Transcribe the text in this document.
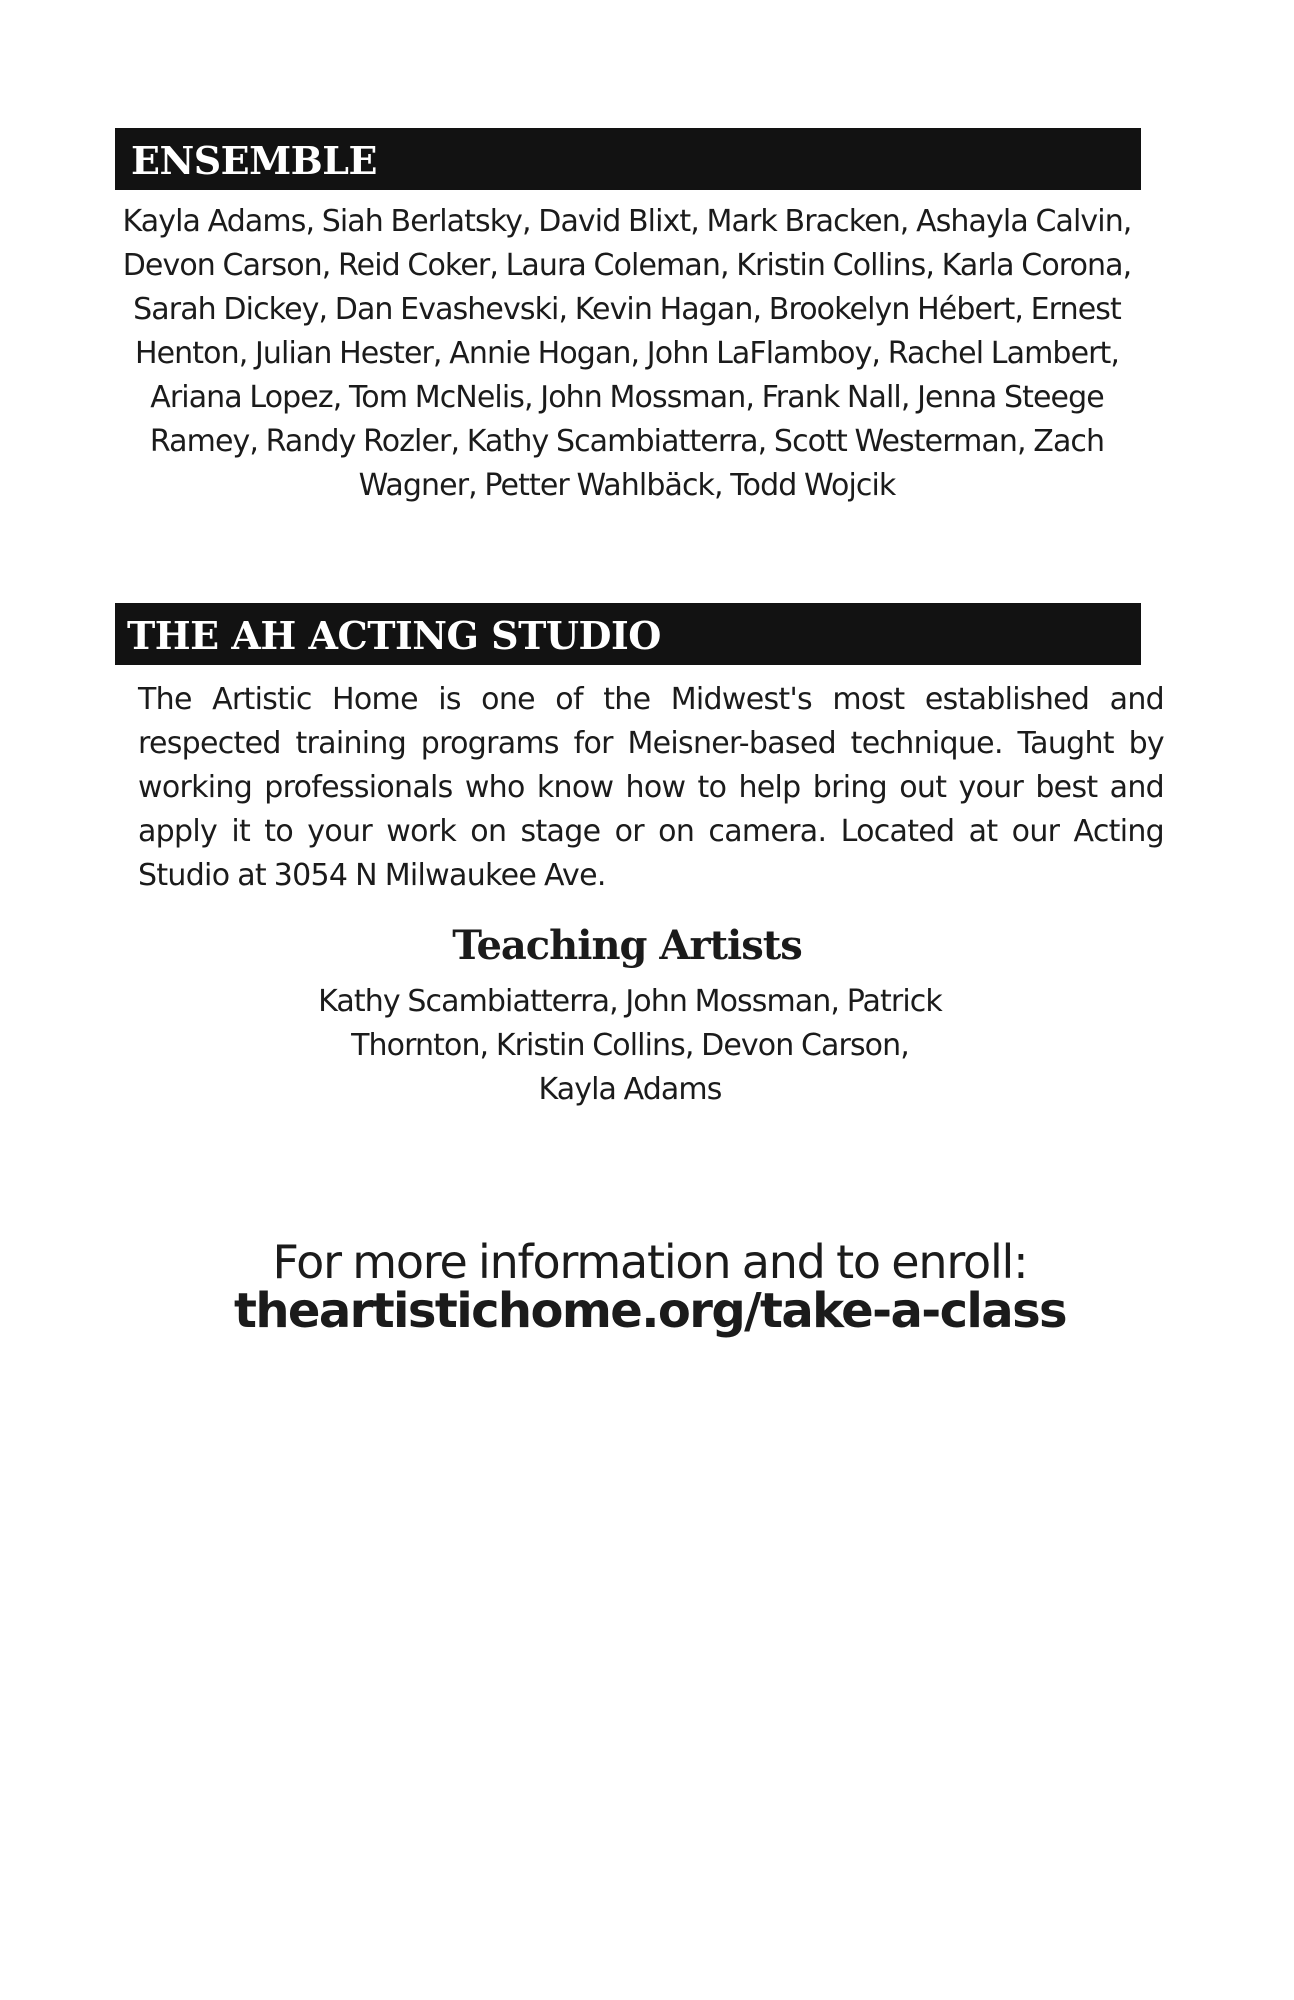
ENSEMBLE
Kayla Adams, Siah Berlatsky, David Blixt, Mark Bracken, Ashayla Calvin, Devon Carson, Reid Coker, Laura Coleman, Kristin Collins, Karla Corona, Sarah Dickey, Dan Evashevski, Kevin Hagan, Brookelyn Hébert, Ernest Henton, Julian Hester, Annie Hogan, John LaFlamboy, Rachel Lambert, Ariana Lopez, Tom McNelis, John Mossman, Frank Nall, Jenna Steege Ramey, Randy Rozler, Kathy Scambiatterra, Scott Westerman, Zach Wagner, Petter Wahlbäck, Todd Wojcik
THE AH ACTING STUDIO
The Artistic Home is one of the Midwest's most established and respected training programs for Meisner-based technique. Taught by working professionals who know how to help bring out your best and apply it to your work on stage or on camera. Located at our Acting Studio at 3054 N Milwaukee Ave.
Teaching Artists
Kathy Scambiatterra, John Mossman, Patrick Thornton, Kristin Collins, Devon Carson, Kayla Adams
For more information and to enroll:
theartistichome.org/take-a-class
